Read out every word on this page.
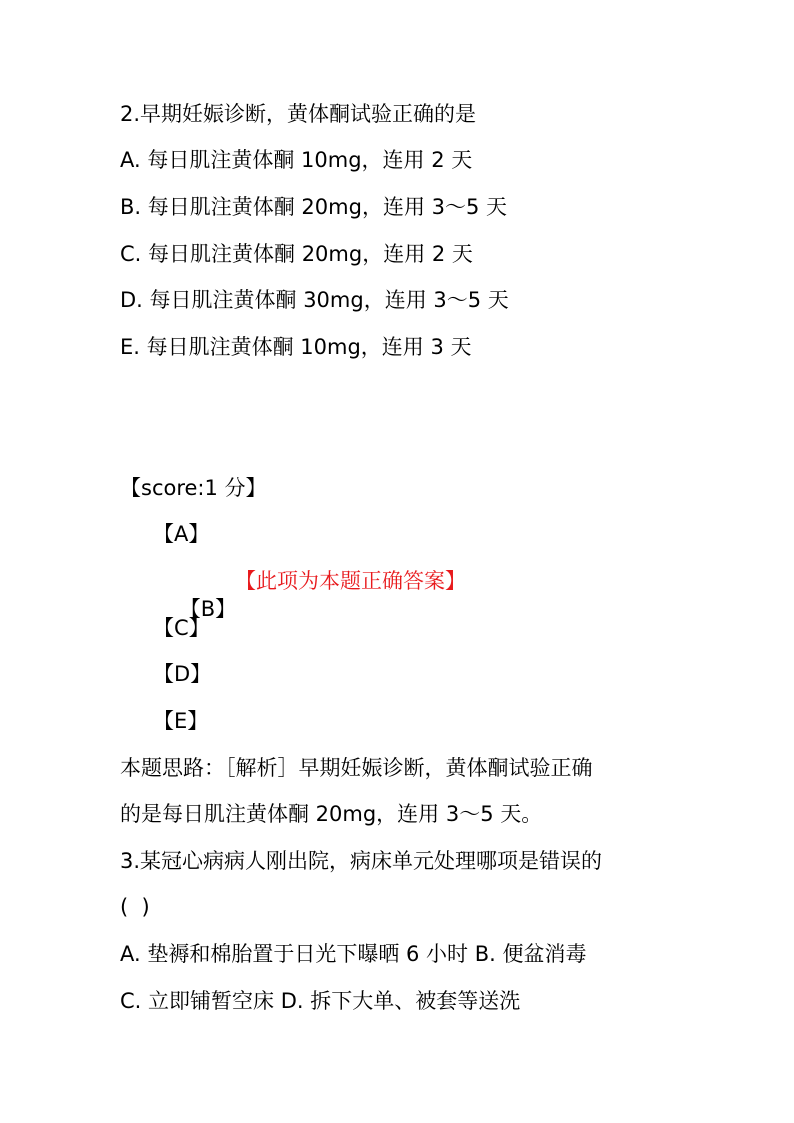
2.早期妊娠诊断，黄体酮试验正确的是
A. 每日肌注黄体酮 10mg，连用 2 天
B. 每日肌注黄体酮 20mg，连用 3～5 天
C. 每日肌注黄体酮 20mg，连用 2 天
D. 每日肌注黄体酮 30mg，连用 3～5 天
E. 每日肌注黄体酮 10mg，连用 3 天
【score:1 分】
【A】

【B】

【此项为本题正确答案】
【C】
【D】
【E】
本题思路：［解析］早期妊娠诊断，黄体酮试验正确
的是每日肌注黄体酮 20mg，连用 3～5 天。
3.某冠心病病人刚出院，病床单元处理哪项是错误的
(  )
A. 垫褥和棉胎置于日光下曝晒 6 小时 B. 便盆消毒
C. 立即铺暂空床 D. 拆下大单、被套等送洗
